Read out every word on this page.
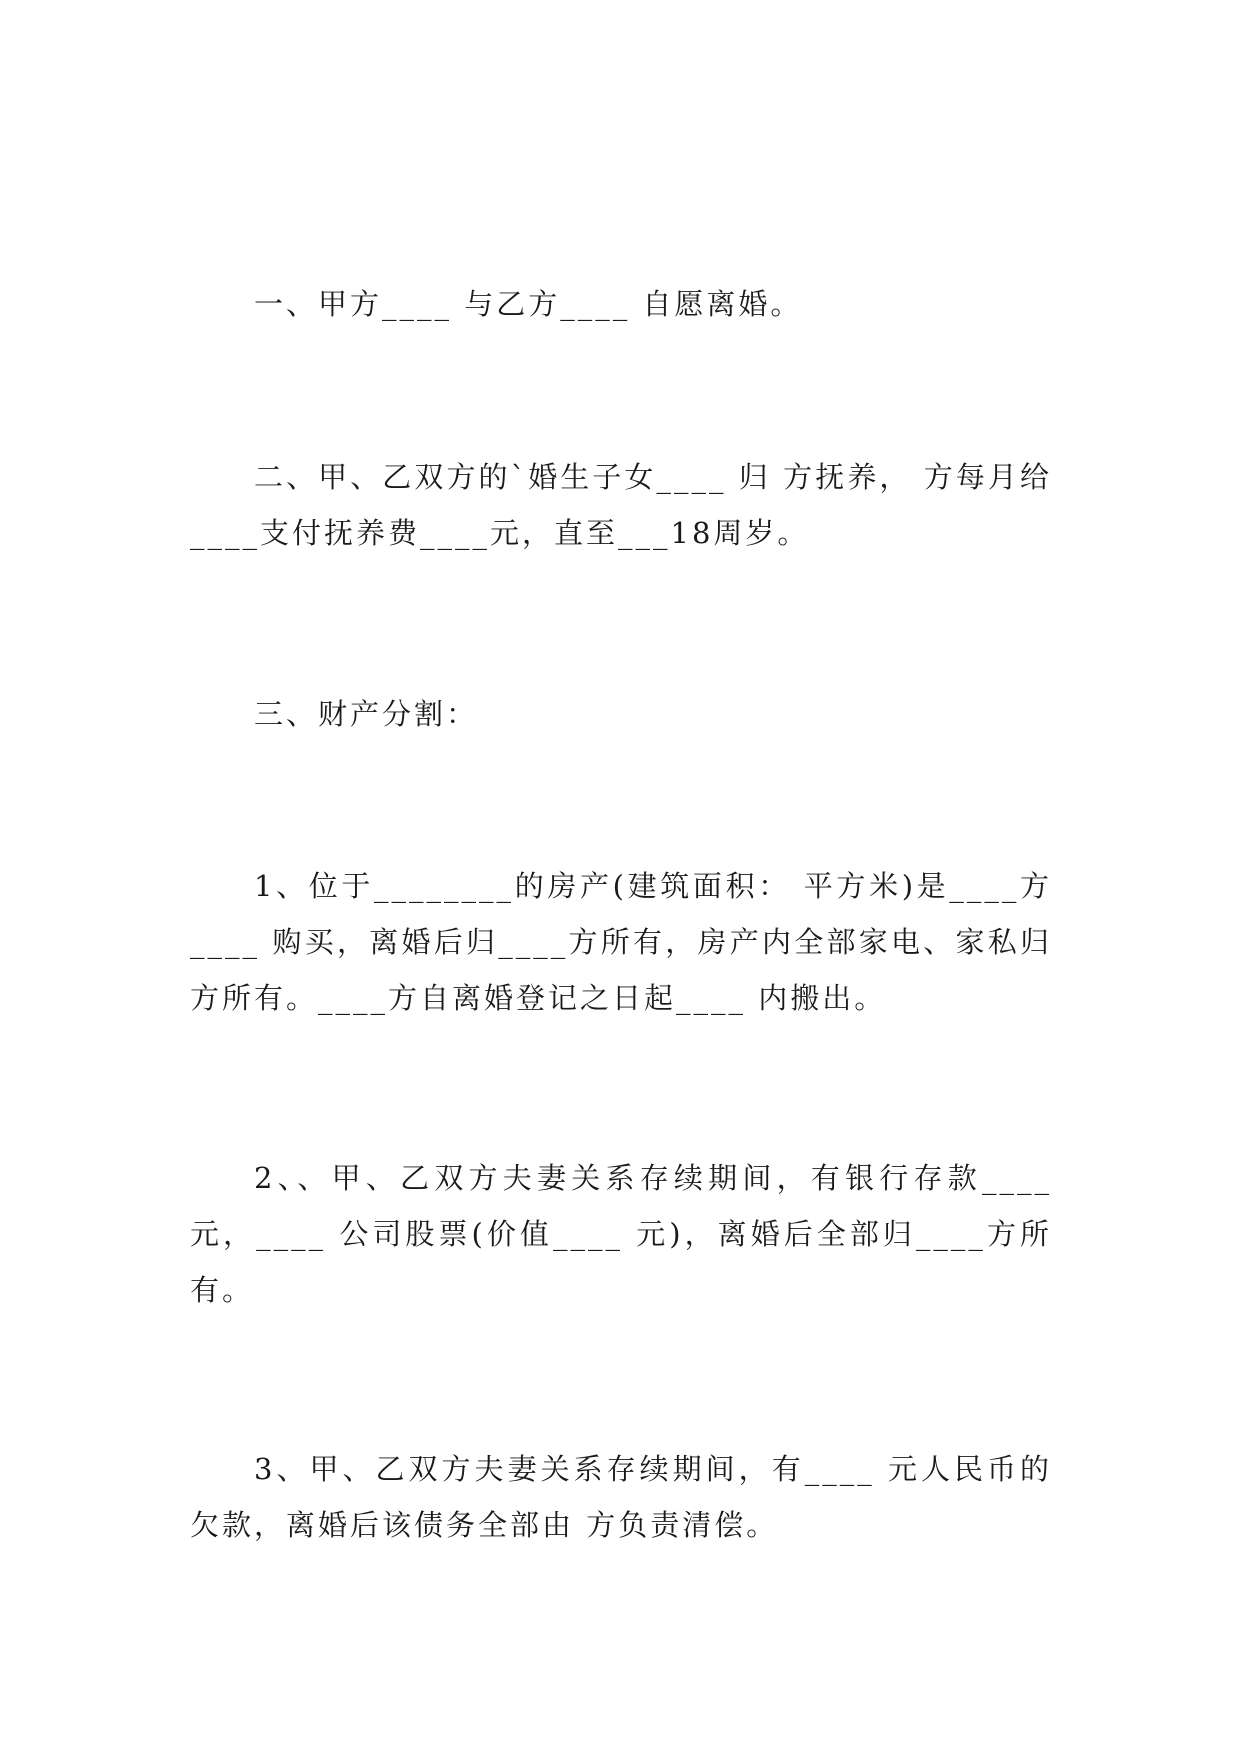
一、甲方____ 与乙方____ 自愿离婚。

二、甲、乙双方的`婚生子女____ 归 方抚养， 方每月给____支付抚养费____元，直至___18周岁。

三、财产分割：

1、位于________的房产(建筑面积： 平方米)是____方____ 购买，离婚后归____方所有，房产内全部家电、家私归 方所有。____方自离婚登记之日起____ 内搬出。

2、、甲、乙双方夫妻关系存续期间，有银行存款____元，____ 公司股票(价值____ 元)，离婚后全部归____方所有。

3、甲、乙双方夫妻关系存续期间，有____ 元人民币的欠款，离婚后该债务全部由 方负责清偿。
